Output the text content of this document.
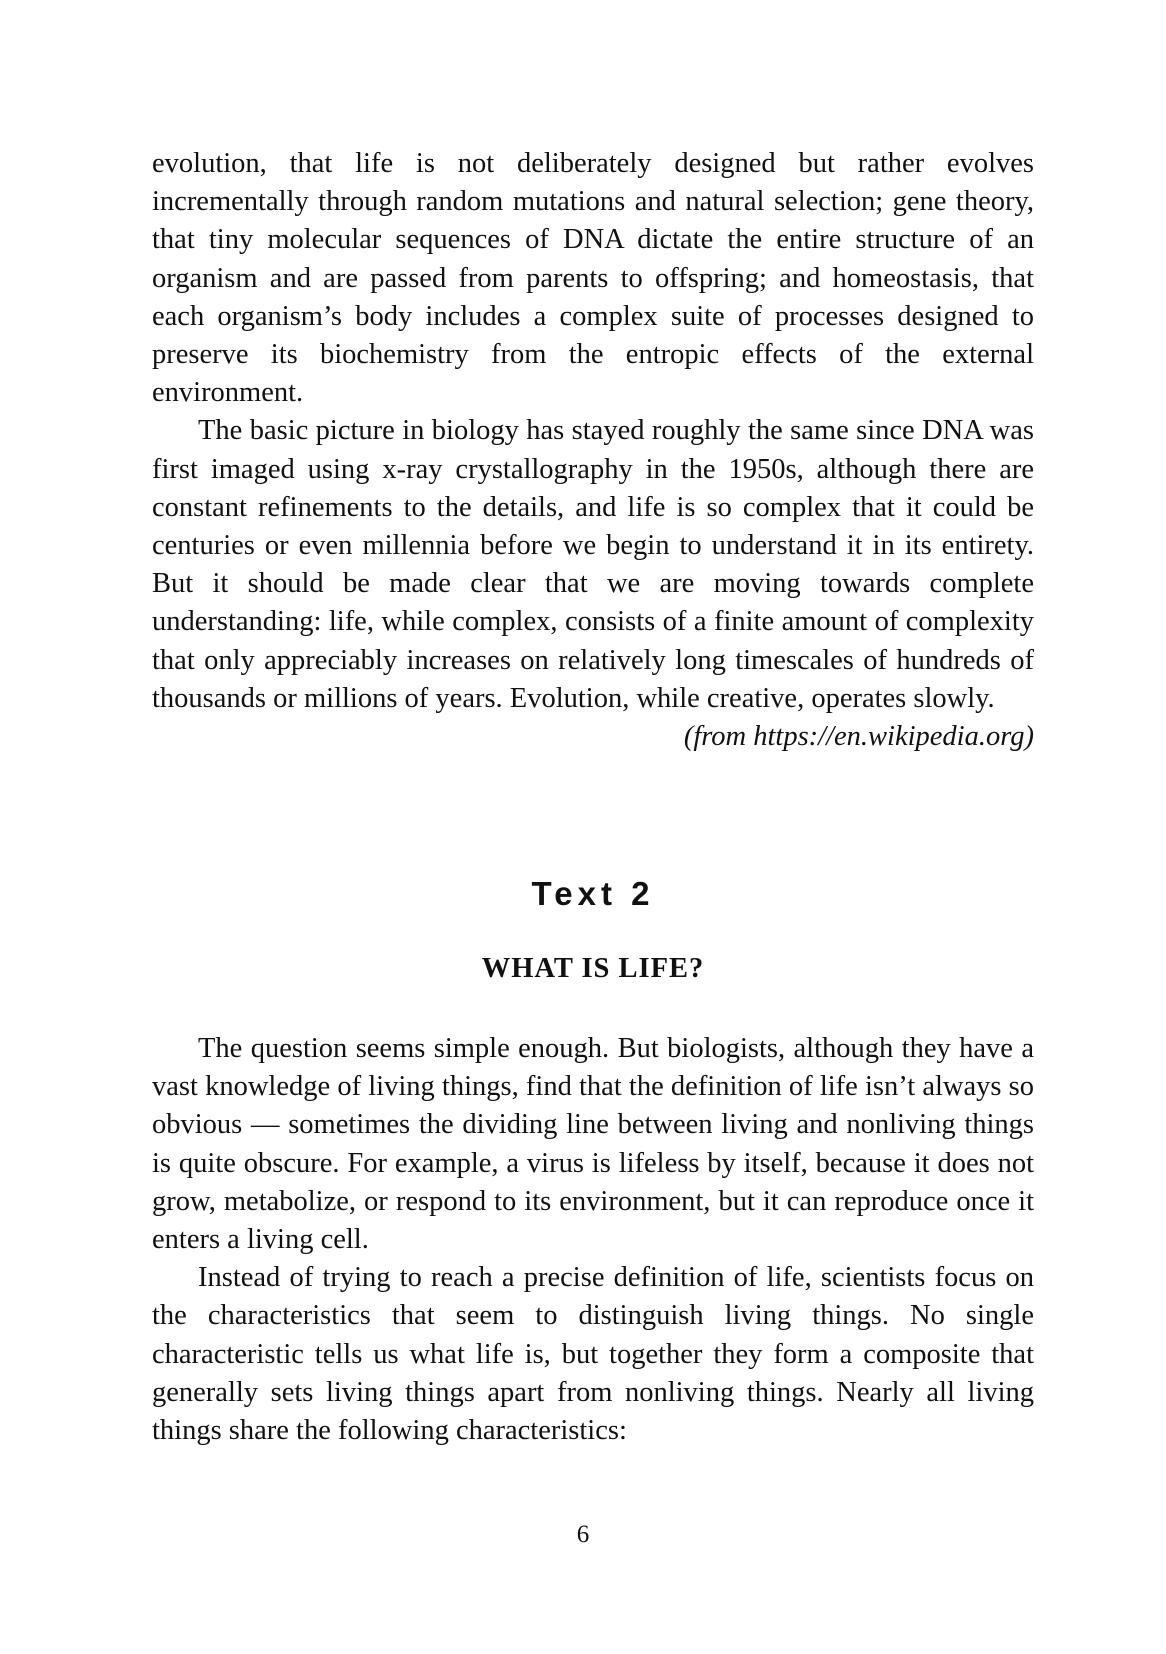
evolution, that life is not deliberately designed but rather evolves incrementally through random mutations and natural selection; gene theory, that tiny molecular sequences of DNA dictate the entire structure of an organism and are passed from parents to offspring; and homeostasis, that each organism’s body includes a complex suite of processes designed to preserve its biochemistry from the entropic effects of the external environment.

The basic picture in biology has stayed roughly the same since DNA was first imaged using x-ray crystallography in the 1950s, although there are constant refinements to the details, and life is so complex that it could be centuries or even millennia before we begin to understand it in its entirety. But it should be made clear that we are moving towards complete understanding: life, while complex, consists of a finite amount of complexity that only appreciably increases on relatively long timescales of hundreds of thousands or millions of years. Evolution, while creative, operates slowly.

(from https://en.wikipedia.org)

Text 2
WHAT IS LIFE?

The question seems simple enough. But biologists, although they have a vast knowledge of living things, find that the definition of life isn’t always so obvious — sometimes the dividing line between living and nonliving things is quite obscure. For example, a virus is lifeless by itself, because it does not grow, metabolize, or respond to its environment, but it can reproduce once it enters a living cell.

Instead of trying to reach a precise definition of life, scientists focus on the characteristics that seem to distinguish living things. No single characteristic tells us what life is, but together they form a composite that generally sets living things apart from nonliving things. Nearly all living things share the following characteristics:

6
